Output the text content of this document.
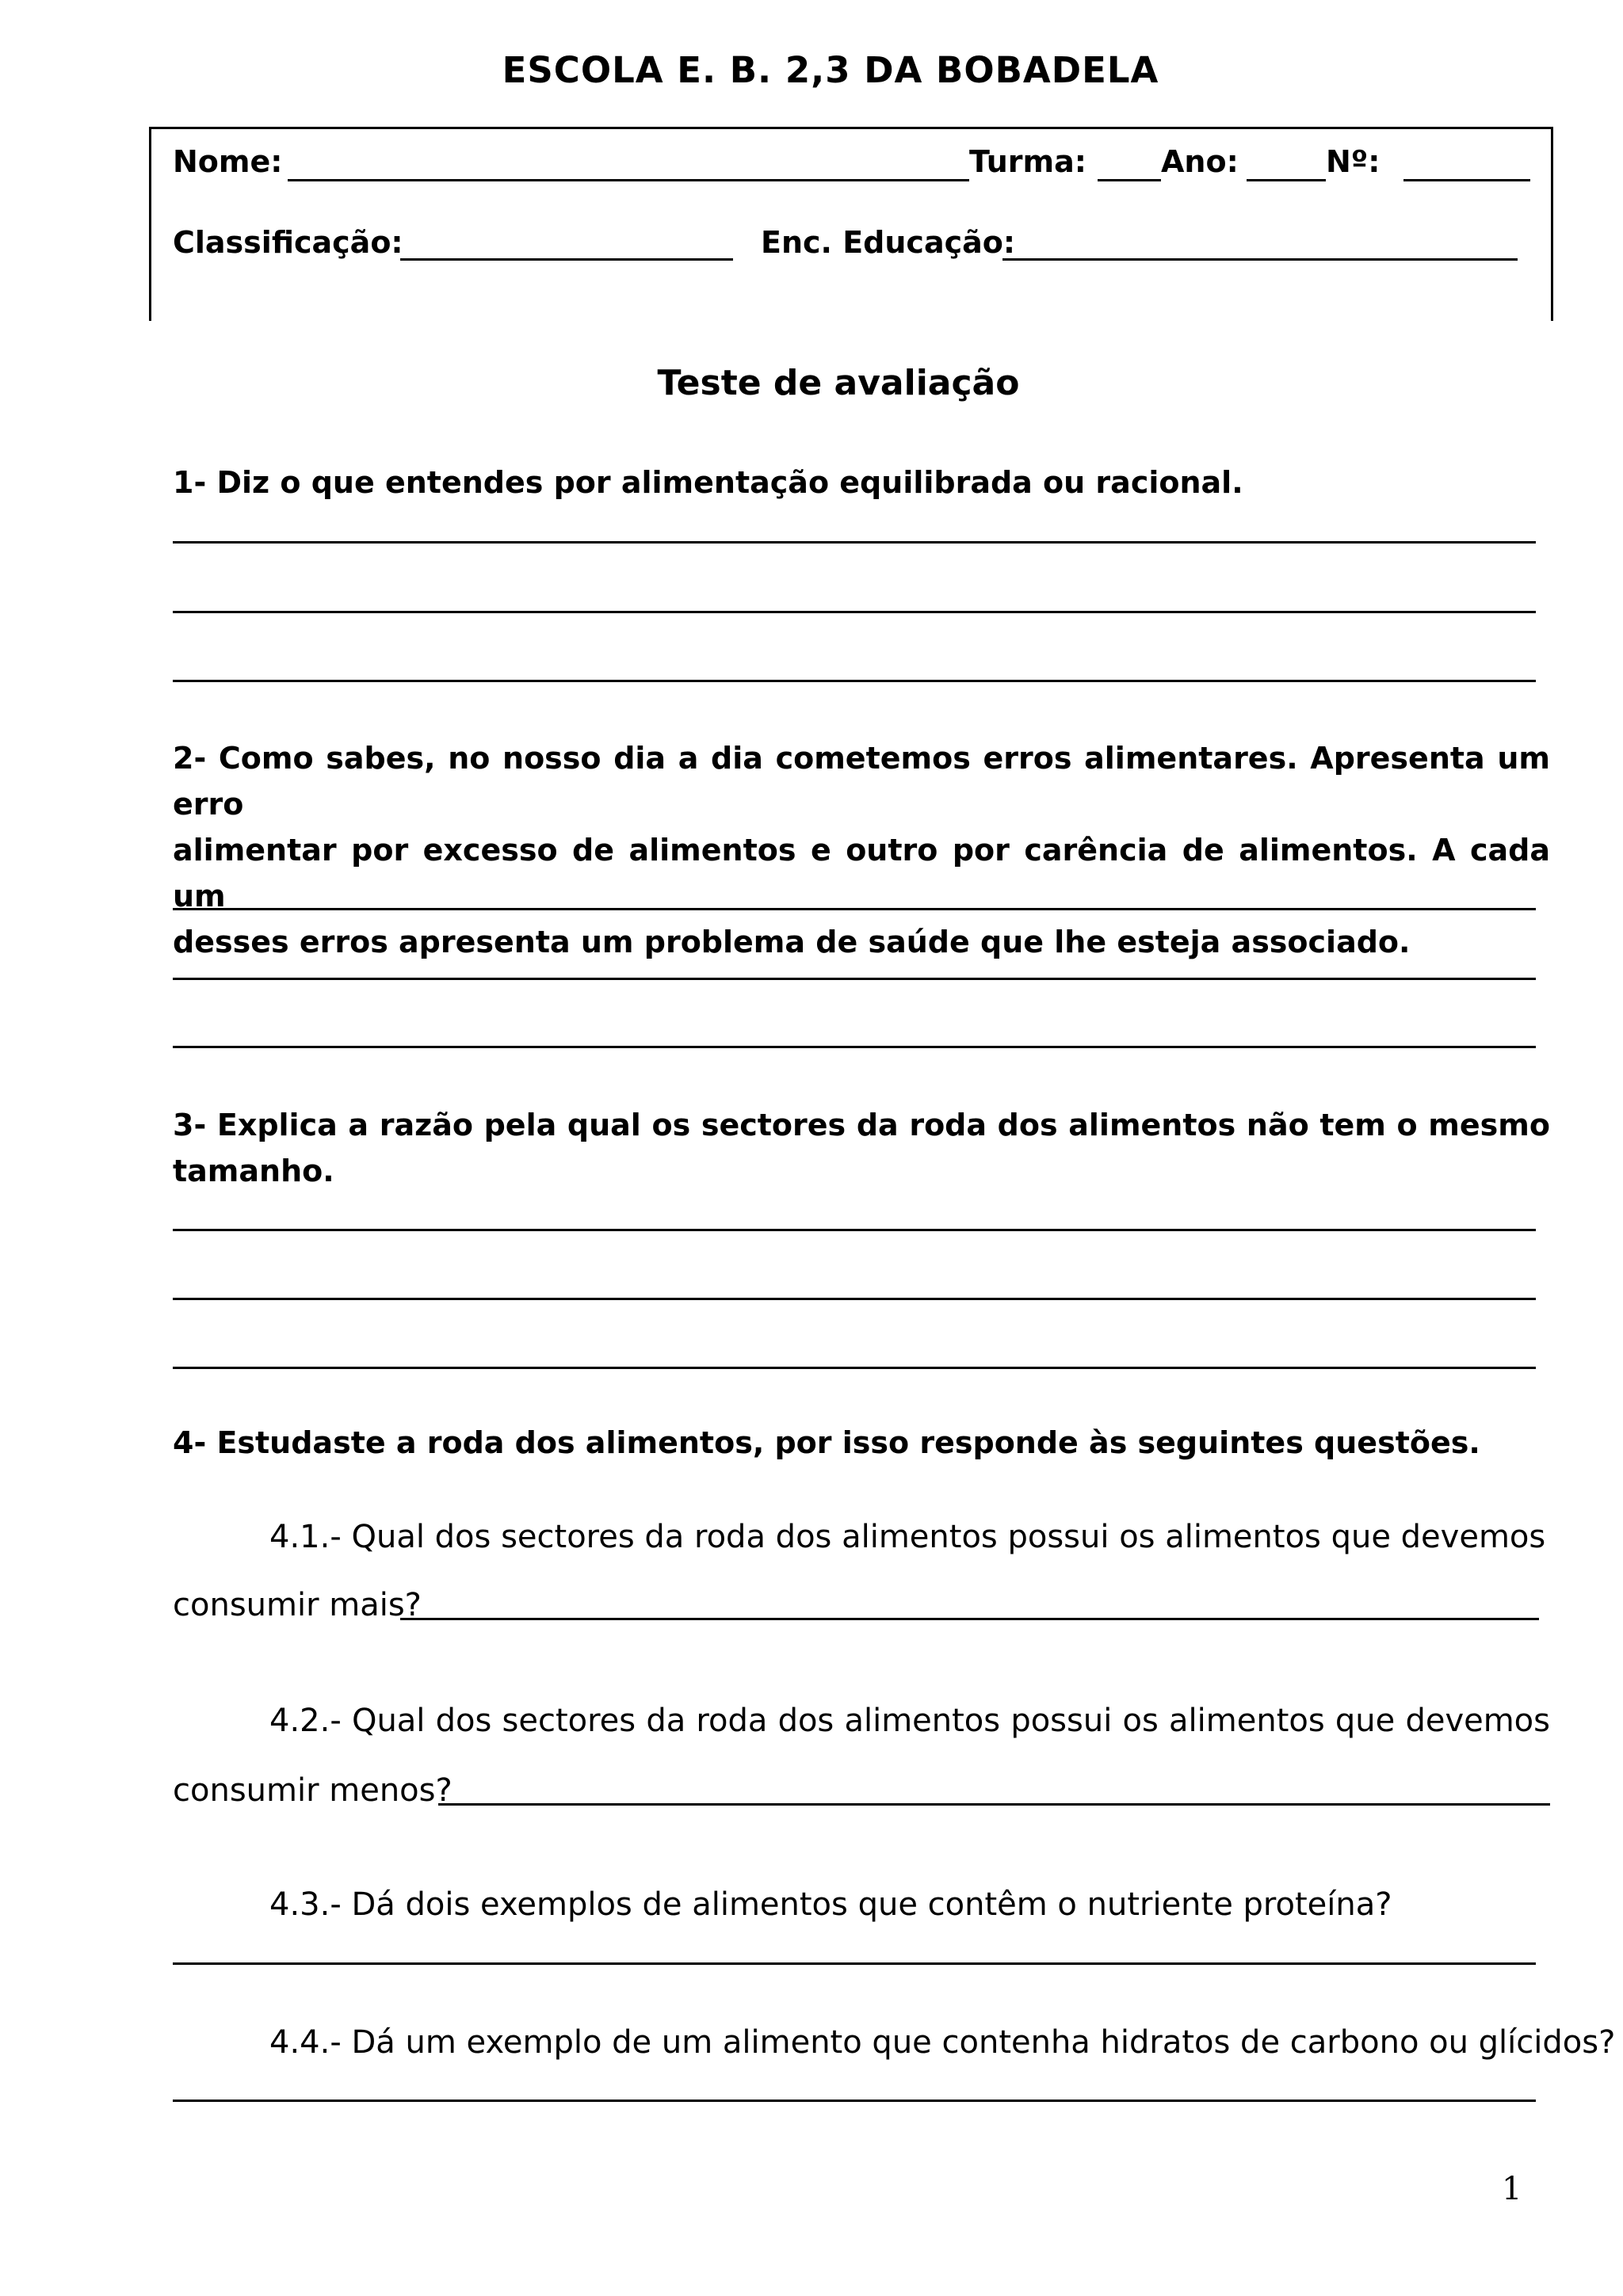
ESCOLA E. B. 2,3 DA BOBADELA
Nome:	Turma: Ano:	Nº:
Classificação:	Enc. Educação:
Teste de avaliação
1- Diz o que entendes por alimentação equilibrada ou racional.
2- Como sabes, no nosso dia a dia cometemos erros alimentares. Apresenta um erro
alimentar por excesso de alimentos e outro por carência de alimentos. A cada um
desses erros apresenta um problema de saúde que lhe esteja associado.
3- Explica a razão pela qual os sectores da roda dos alimentos não tem o mesmo
tamanho.
4- Estudaste a roda dos alimentos, por isso responde às seguintes questões.
4.1.- Qual dos sectores da roda dos alimentos possui os alimentos que devemos
consumir mais?
4.2.- Qual dos sectores da roda dos alimentos possui os alimentos que devemos
consumir menos?
4.3.- Dá dois exemplos de alimentos que contêm o nutriente proteína?
4.4.- Dá um exemplo de um alimento que contenha hidratos de carbono ou glícidos?
1
